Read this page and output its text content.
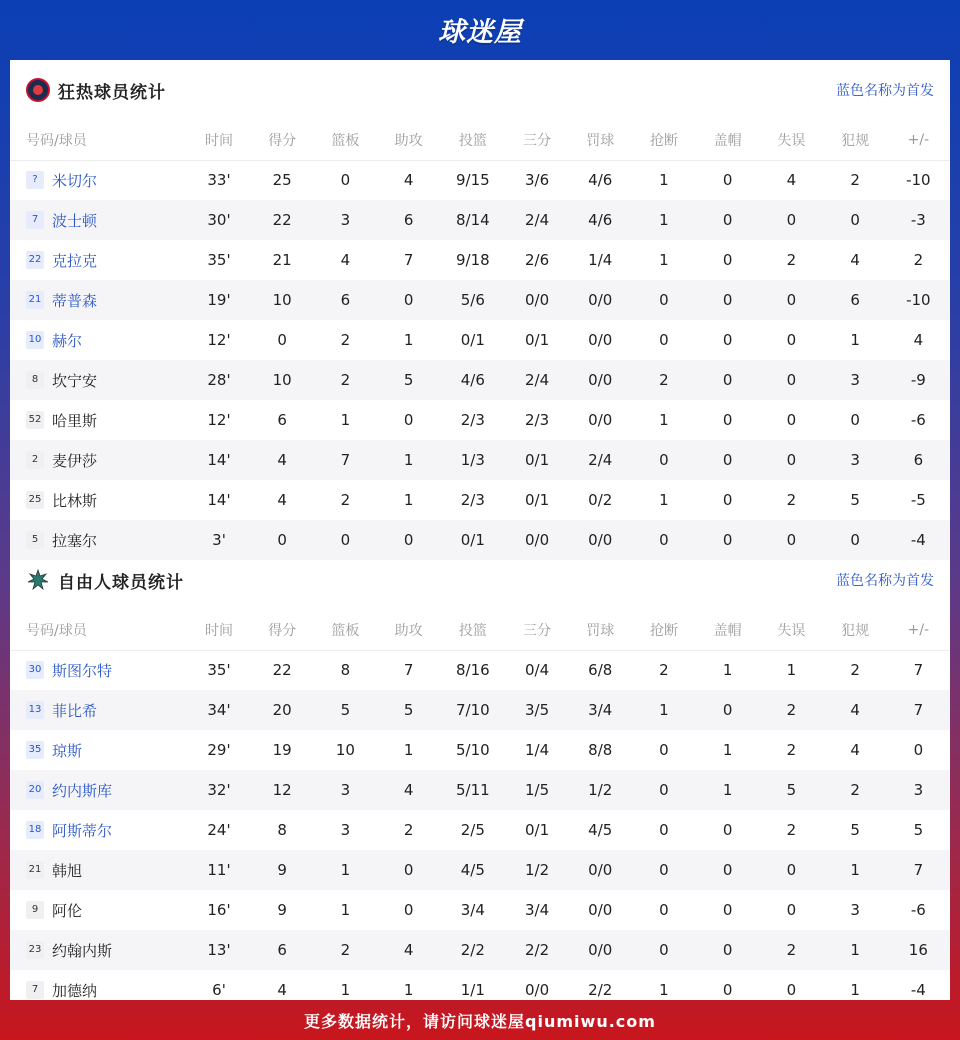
球迷屋
狂热球员统计	蓝色名称为首发
号码/球员	时间	得分	篮板	助攻	投篮	三分	罚球	抢断	盖帽	失误	犯规	+/-
? 米切尔	33'	25	0	4	9/15	3/6	4/6	1	0	4	2	-10
7 波士顿	30'	22	3	6	8/14	2/4	4/6	1	0	0	0	-3
22 克拉克	35'	21	4	7	9/18	2/6	1/4	1	0	2	4	2
21 蒂普森	19'	10	6	0	5/6	0/0	0/0	0	0	0	6	-10
10 赫尔	12'	0	2	1	0/1	0/1	0/0	0	0	0	1	4
8 坎宁安	28'	10	2	5	4/6	2/4	0/0	2	0	0	3	-9
52 哈里斯	12'	6	1	0	2/3	2/3	0/0	1	0	0	0	-6
2 麦伊莎	14'	4	7	1	1/3	0/1	2/4	0	0	0	3	6
25 比林斯	14'	4	2	1	2/3	0/1	0/2	1	0	2	5	-5
5 拉塞尔	3'	0	0	0	0/1	0/0	0/0	0	0	0	0	-4
自由人球员统计	蓝色名称为首发
号码/球员	时间	得分	篮板	助攻	投篮	三分	罚球	抢断	盖帽	失误	犯规	+/-
30 斯图尔特	35'	22	8	7	8/16	0/4	6/8	2	1	1	2	7
13 菲比希	34'	20	5	5	7/10	3/5	3/4	1	0	2	4	7
35 琼斯	29'	19	10	1	5/10	1/4	8/8	0	1	2	4	0
20 约内斯库	32'	12	3	4	5/11	1/5	1/2	0	1	5	2	3
18 阿斯蒂尔	24'	8	3	2	2/5	0/1	4/5	0	0	2	5	5
21 韩旭	11'	9	1	0	4/5	1/2	0/0	0	0	0	1	7
9 阿伦	16'	9	1	0	3/4	3/4	0/0	0	0	0	3	-6
23 约翰内斯	13'	6	2	4	2/2	2/2	0/0	0	0	2	1	16
7 加德纳	6'	4	1	1	1/1	0/0	2/2	1	0	0	1	-4
更多数据统计，请访问球迷屋qiumiwu.com
